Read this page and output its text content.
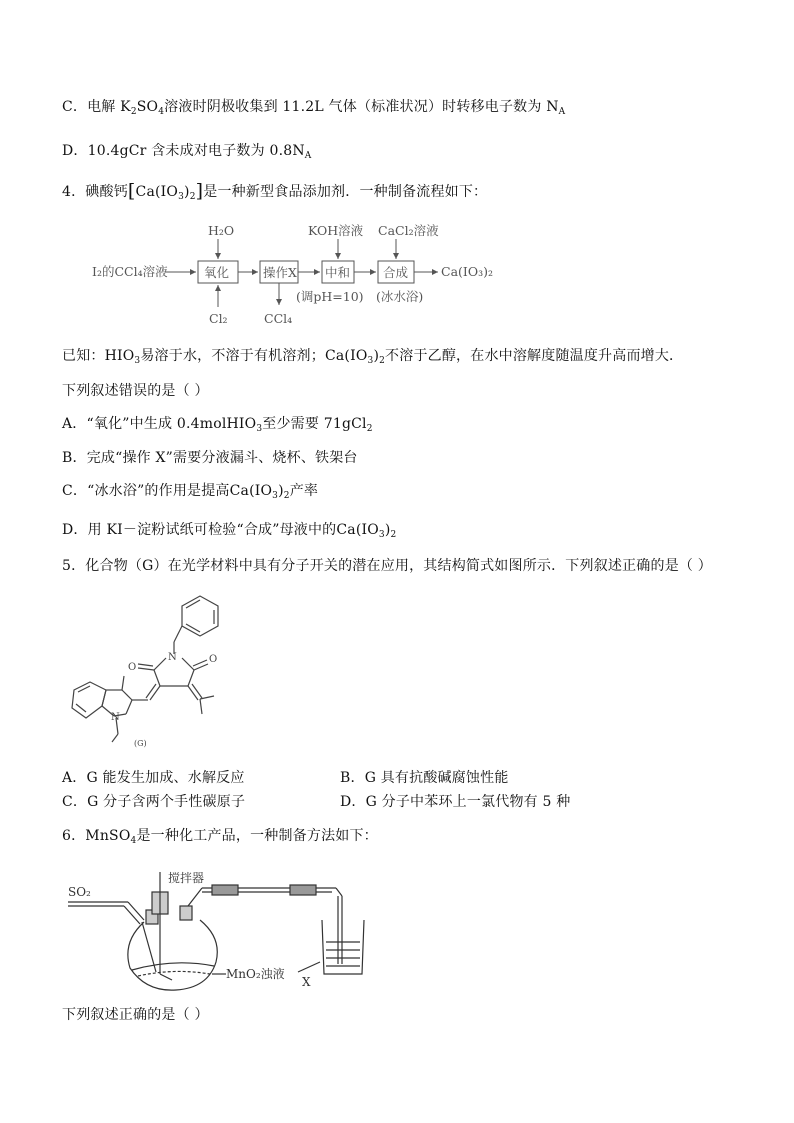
C．电解 $K_2SO_4$溶液时阴极收集到 11.2L 气体（标准状况）时转移电子数为 $N_A$
D．10.4gCr 含未成对电子数为 $0.8N_A$
4．碘酸钙$[Ca(IO_3)_2]$是一种新型食品添加剂．一种制备流程如下：
I₂的CCl₄溶液	氧化
H₂O
Cl₂
操作X
CCl₄
中和
KOH溶液
(调pH=10)
合成
CaCl₂溶液
(冰水浴)
Ca(IO₃)₂
已知：$HIO_3$易溶于水，不溶于有机溶剂；$Ca(IO_3)_2$不溶于乙醇，在水中溶解度随温度升高而增大．
下列叙述错误的是（ ）
A．“氧化”中生成 0.4molHIO$_3$至少需要 71gCl$_2$
B．完成“操作 X”需要分液漏斗、烧杯、铁架台
C．“冰水浴”的作用是提高$Ca(IO_3)_2$产率
D．用 KI－淀粉试纸可检验“合成”母液中的$Ca(IO_3)_2$
5．化合物（G）在光学材料中具有分子开关的潜在应用，其结构简式如图所示．下列叙述正确的是（ ）
N
O
O
N
(G)
A．G 能发生加成、水解反应	B．G 具有抗酸碱腐蚀性能
C．G 分子含两个手性碳原子	D．G 分子中苯环上一氯代物有 5 种
6．MnSO$_4$是一种化工产品，一种制备方法如下：
SO₂
搅拌器
MnO₂浊液
X
下列叙述正确的是（ ）
